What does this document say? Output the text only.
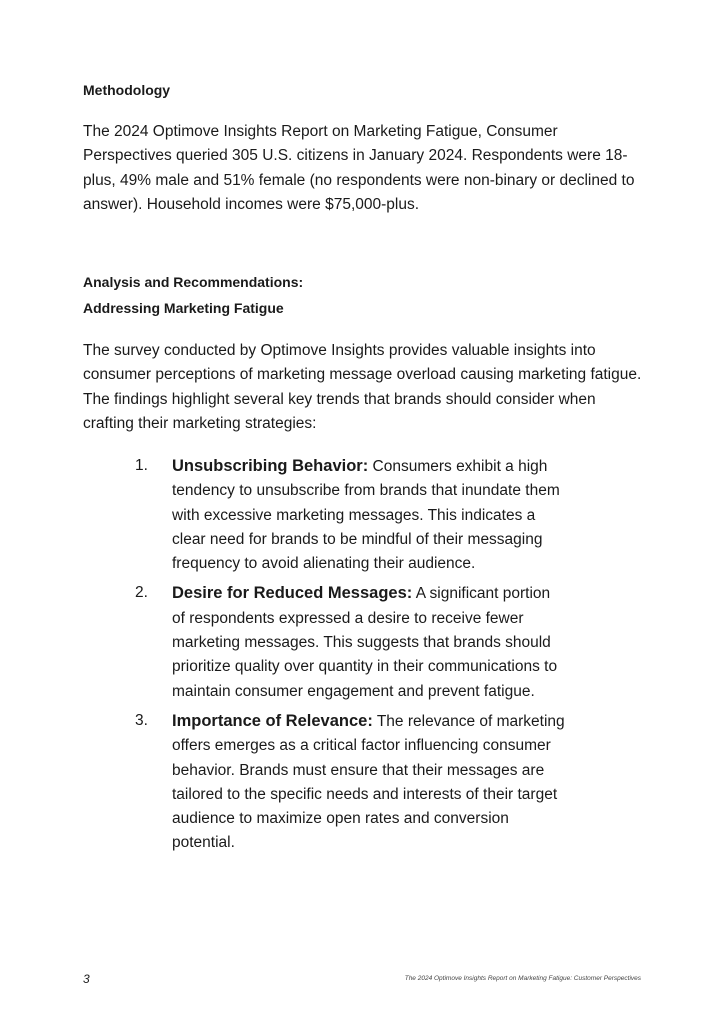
Methodology

The 2024 Optimove Insights Report on Marketing Fatigue, Consumer Perspectives queried 305 U.S. citizens in January 2024. Respondents were 18-plus, 49% male and 51% female (no respondents were non-binary or declined to answer). Household incomes were $75,000-plus.

Analysis and Recommendations:
Addressing Marketing Fatigue

The survey conducted by Optimove Insights provides valuable insights into consumer perceptions of marketing message overload causing marketing fatigue. The findings highlight several key trends that brands should consider when crafting their marketing strategies:

1. Unsubscribing Behavior: Consumers exhibit a high tendency to unsubscribe from brands that inundate them with excessive marketing messages. This indicates a clear need for brands to be mindful of their messaging frequency to avoid alienating their audience.
2. Desire for Reduced Messages: A significant portion of respondents expressed a desire to receive fewer marketing messages. This suggests that brands should prioritize quality over quantity in their communications to maintain consumer engagement and prevent fatigue.
3. Importance of Relevance: The relevance of marketing offers emerges as a critical factor influencing consumer behavior. Brands must ensure that their messages are tailored to the specific needs and interests of their target audience to maximize open rates and conversion potential.
3	The 2024 Optimove Insights Report on Marketing Fatigue: Customer Perspectives
